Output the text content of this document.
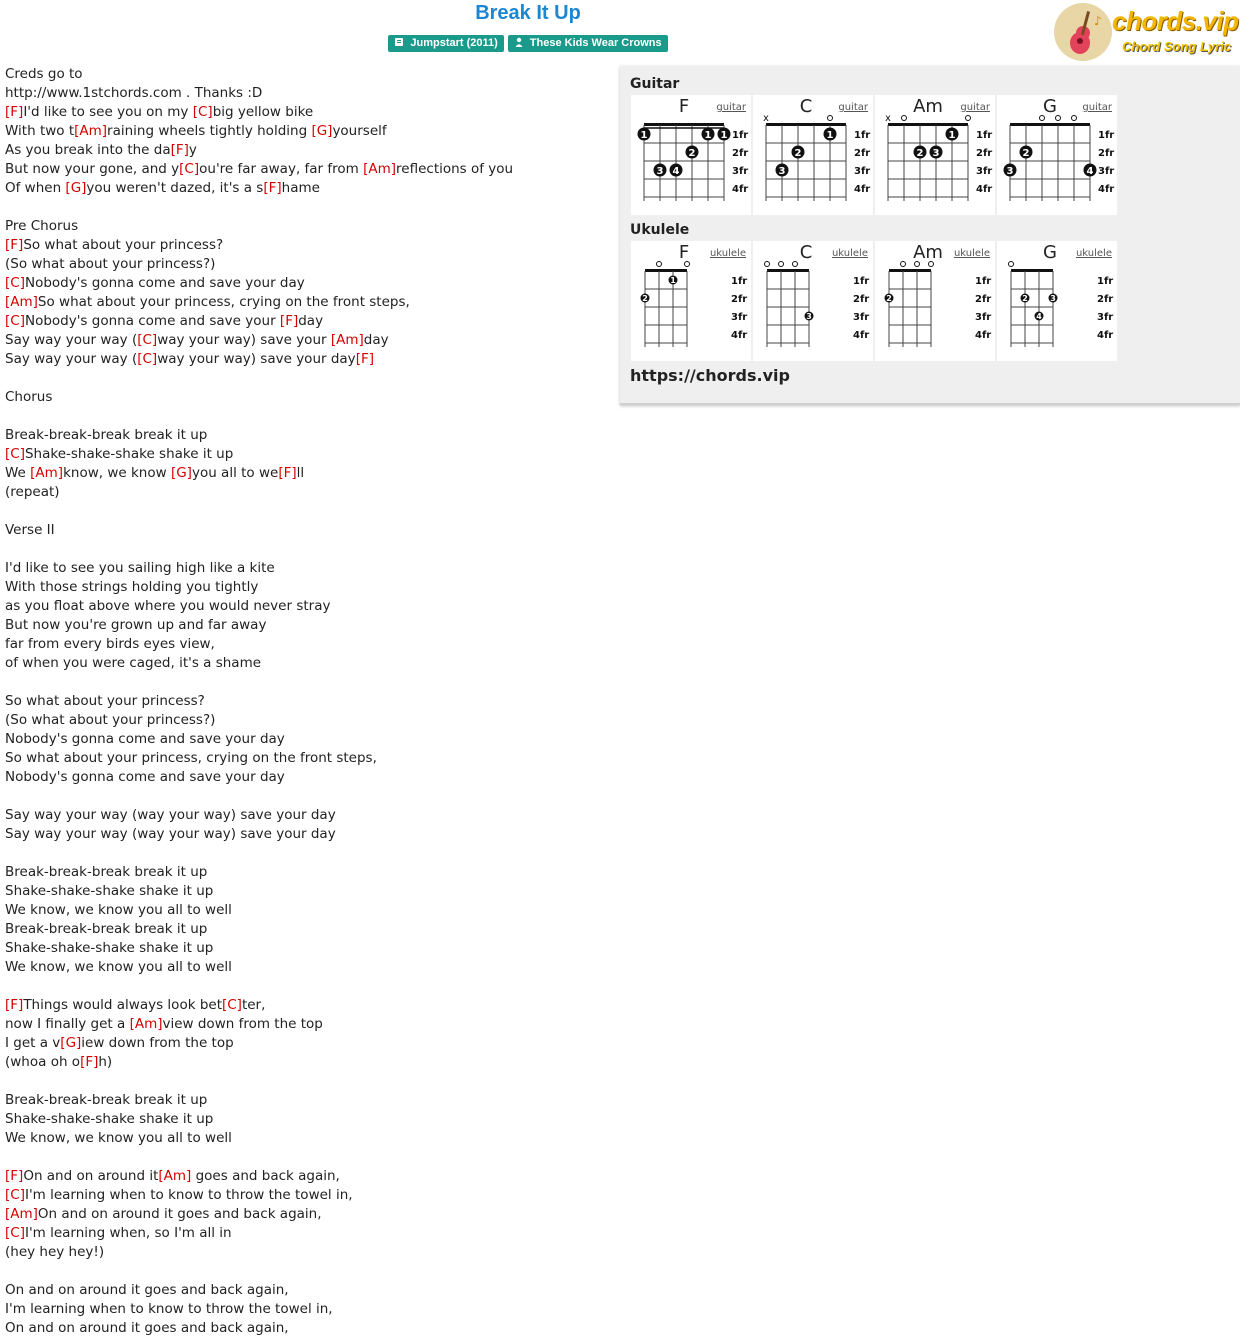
Break It Up
Jumpstart (2011)	These Kids Wear Crowns
♪ chords.vip
Chord Song Lyric
Creds go to
http://www.1stchords.com . Thanks :D
[F]I'd like to see you on my [C]big yellow bike
With two t[Am]raining wheels tightly holding [G]yourself
As you break into the da[F]y
But now your gone, and y[C]ou're far away, far from [Am]reflections of you
Of when [G]you weren't dazed, it's a s[F]hame
Pre Chorus
[F]So what about your princess?
(So what about your princess?)
[C]Nobody's gonna come and save your day
[Am]So what about your princess, crying on the front steps,
[C]Nobody's gonna come and save your [F]day
Say way your way ([C]way your way) save your [Am]day
Say way your way ([C]way your way) save your day[F]
Chorus
Break-break-break break it up
[C]Shake-shake-shake shake it up
We [Am]know, we know [G]you all to we[F]ll
(repeat)
Verse II
I'd like to see you sailing high like a kite
With those strings holding you tightly
as you float above where you would never stray
But now you're grown up and far away
far from every birds eyes view,
of when you were caged, it's a shame
So what about your princess?
(So what about your princess?)
Nobody's gonna come and save your day
So what about your princess, crying on the front steps,
Nobody's gonna come and save your day
Say way your way (way your way) save your day
Say way your way (way your way) save your day
Break-break-break break it up
Shake-shake-shake shake it up
We know, we know you all to well
Break-break-break break it up
Shake-shake-shake shake it up
We know, we know you all to well
[F]Things would always look bet[C]ter,
now I finally get a [Am]view down from the top
I get a v[G]iew down from the top
(whoa oh o[F]h)
Break-break-break break it up
Shake-shake-shake shake it up
We know, we know you all to well
[F]On and on around it[Am] goes and back again,
[C]I'm learning when to know to throw the towel in,
[Am]On and on around it goes and back again,
[C]I'm learning when, so I'm all in
(hey hey hey!)
On and on around it goes and back again,
I'm learning when to know to throw the towel in,
On and on around it goes and back again,
Guitar
F	guitar
1fr
2fr
3fr
4fr
1	1 1
2
3 4
C	guitar
1fr
2fr
3fr
4fr
x
1
2
3
Am guitar
1fr
2fr
3fr
4fr
x
1
2 3
G	guitar
1fr
2fr
3fr
4fr
2
3	4
Ukulele
F ukulele
1fr
2fr
3fr
4fr
1
2
C ukulele
1fr
2fr
3fr
4fr
3
Am ukulele
1fr
2fr
3fr
4fr
2
G ukulele
1fr
2fr
3fr
4fr
2	3
4
https://chords.vip
